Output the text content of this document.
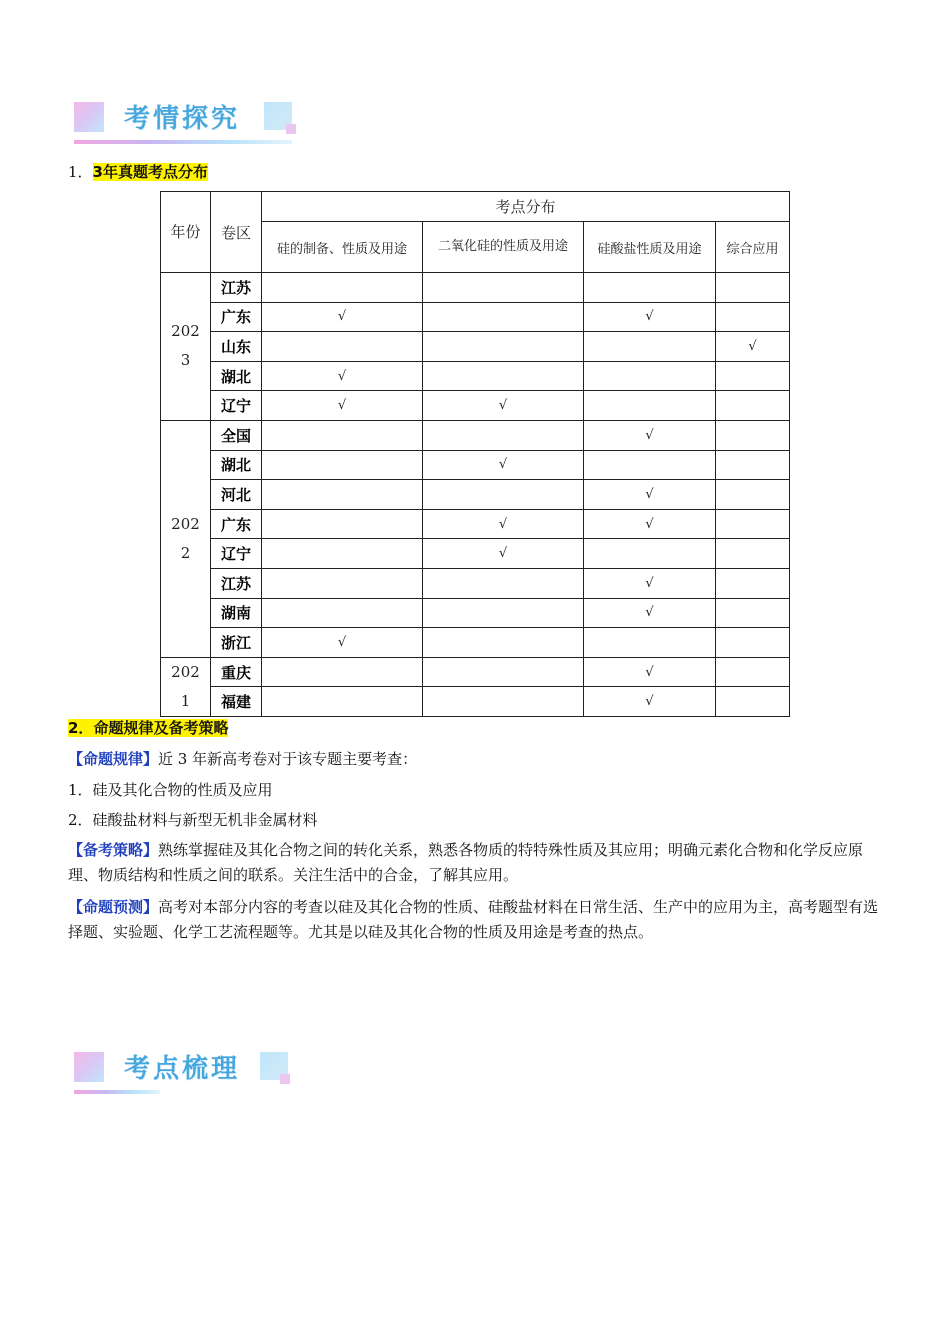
考情探究
1．3年真题考点分布
年份	卷区	考点分布			
		硅的制备、性质及用途	二氧化硅的性质及用途	硅酸盐性质及用途	综合应用

2023	江苏				
	广东	√		√	
	山东				√
	湖北	√			
	辽宁	√	√		

2022	全国			√	
	湖北		√		
	河北			√	
	广东		√	√	
	辽宁		√		
	江苏			√	
	湖南			√	
	浙江	√			

2021	重庆			√	
	福建			√	
2．命题规律及备考策略
【命题规律】近 3 年新高考卷对于该专题主要考查：
1．硅及其化合物的性质及应用
2．硅酸盐材料与新型无机非金属材料
【备考策略】熟练掌握硅及其化合物之间的转化关系，熟悉各物质的特特殊性质及其应用；明确元素化合物和化学反应原理、物质结构和性质之间的联系。关注生活中的合金，了解其应用。
【命题预测】高考对本部分内容的考查以硅及其化合物的性质、硅酸盐材料在日常生活、生产中的应用为主，高考题型有选择题、实验题、化学工艺流程题等。尤其是以硅及其化合物的性质及用途是考查的热点。
考点梳理
